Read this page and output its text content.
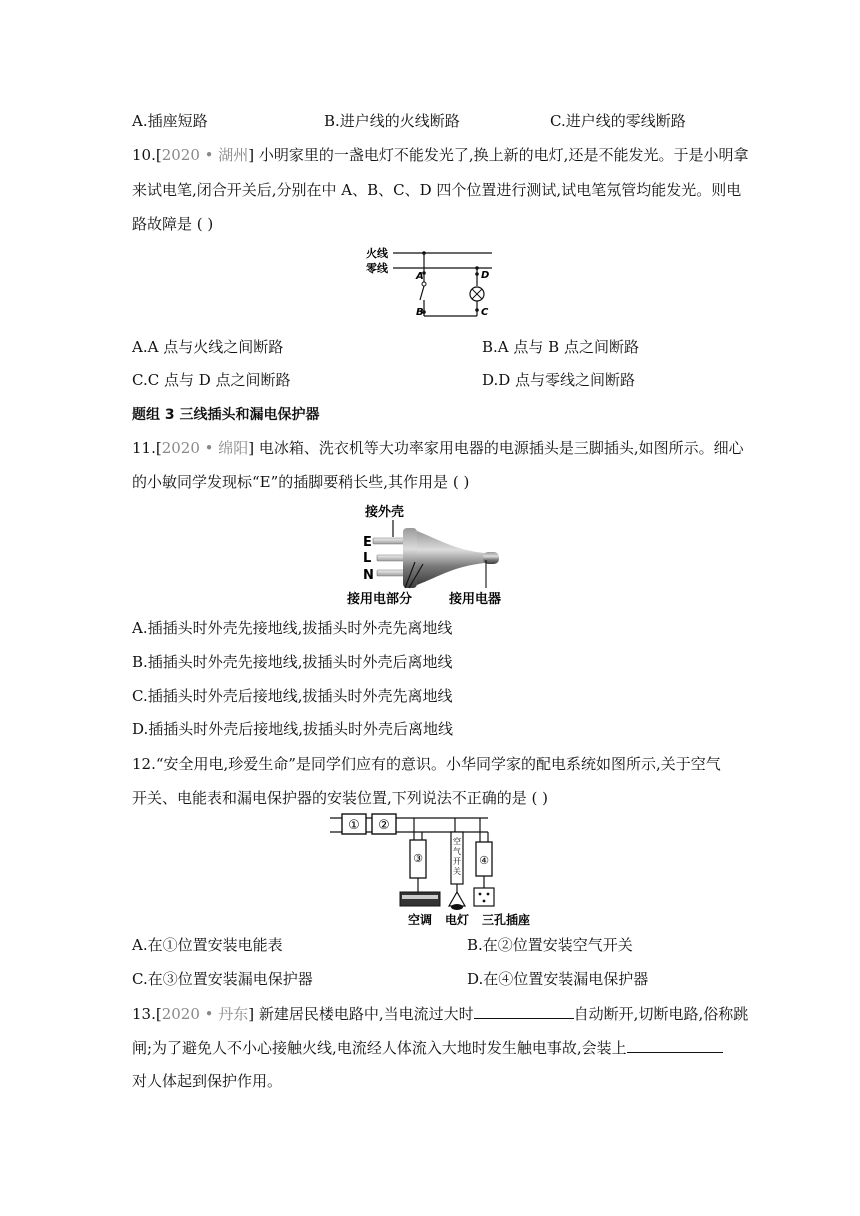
A.插座短路	B.进户线的火线断路	C.进户线的零线断路
10.[2020 • 湖州] 小明家里的一盏电灯不能发光了,换上新的电灯,还是不能发光。于是小明拿
来试电笔,闭合开关后,分别在中 A、B、C、D 四个位置进行测试,试电笔氖管均能发光。则电
路故障是 ( )
火线
零线
A
B	C
D
A.A 点与火线之间断路	B.A 点与 B 点之间断路
C.C 点与 D 点之间断路	D.D 点与零线之间断路
题组 3 三线插头和漏电保护器
11.[2020 • 绵阳] 电冰箱、洗衣机等大功率家用电器的电源插头是三脚插头,如图所示。细心
的小敏同学发现标“E”的插脚要稍长些,其作用是 ( )
接外壳
E
L
N
接用电部分	接用电器
A.插插头时外壳先接地线,拔插头时外壳先离地线
B.插插头时外壳先接地线,拔插头时外壳后离地线
C.插插头时外壳后接地线,拔插头时外壳先离地线
D.插插头时外壳后接地线,拔插头时外壳后离地线
12.“安全用电,珍爱生命”是同学们应有的意识。小华同学家的配电系统如图所示,关于空气
开关、电能表和漏电保护器的安装位置,下列说法不正确的是 ( )
① ②
③
空
气
开
关
④
空调 电灯 三孔插座
A.在①位置安装电能表	B.在②位置安装空气开关
C.在③位置安装漏电保护器	D.在④位置安装漏电保护器
13.[2020 • 丹东] 新建居民楼电路中,当电流过大时	自动断开,切断电路,俗称跳
闸;为了避免人不小心接触火线,电流经人体流入大地时发生触电事故,会装上
对人体起到保护作用。
